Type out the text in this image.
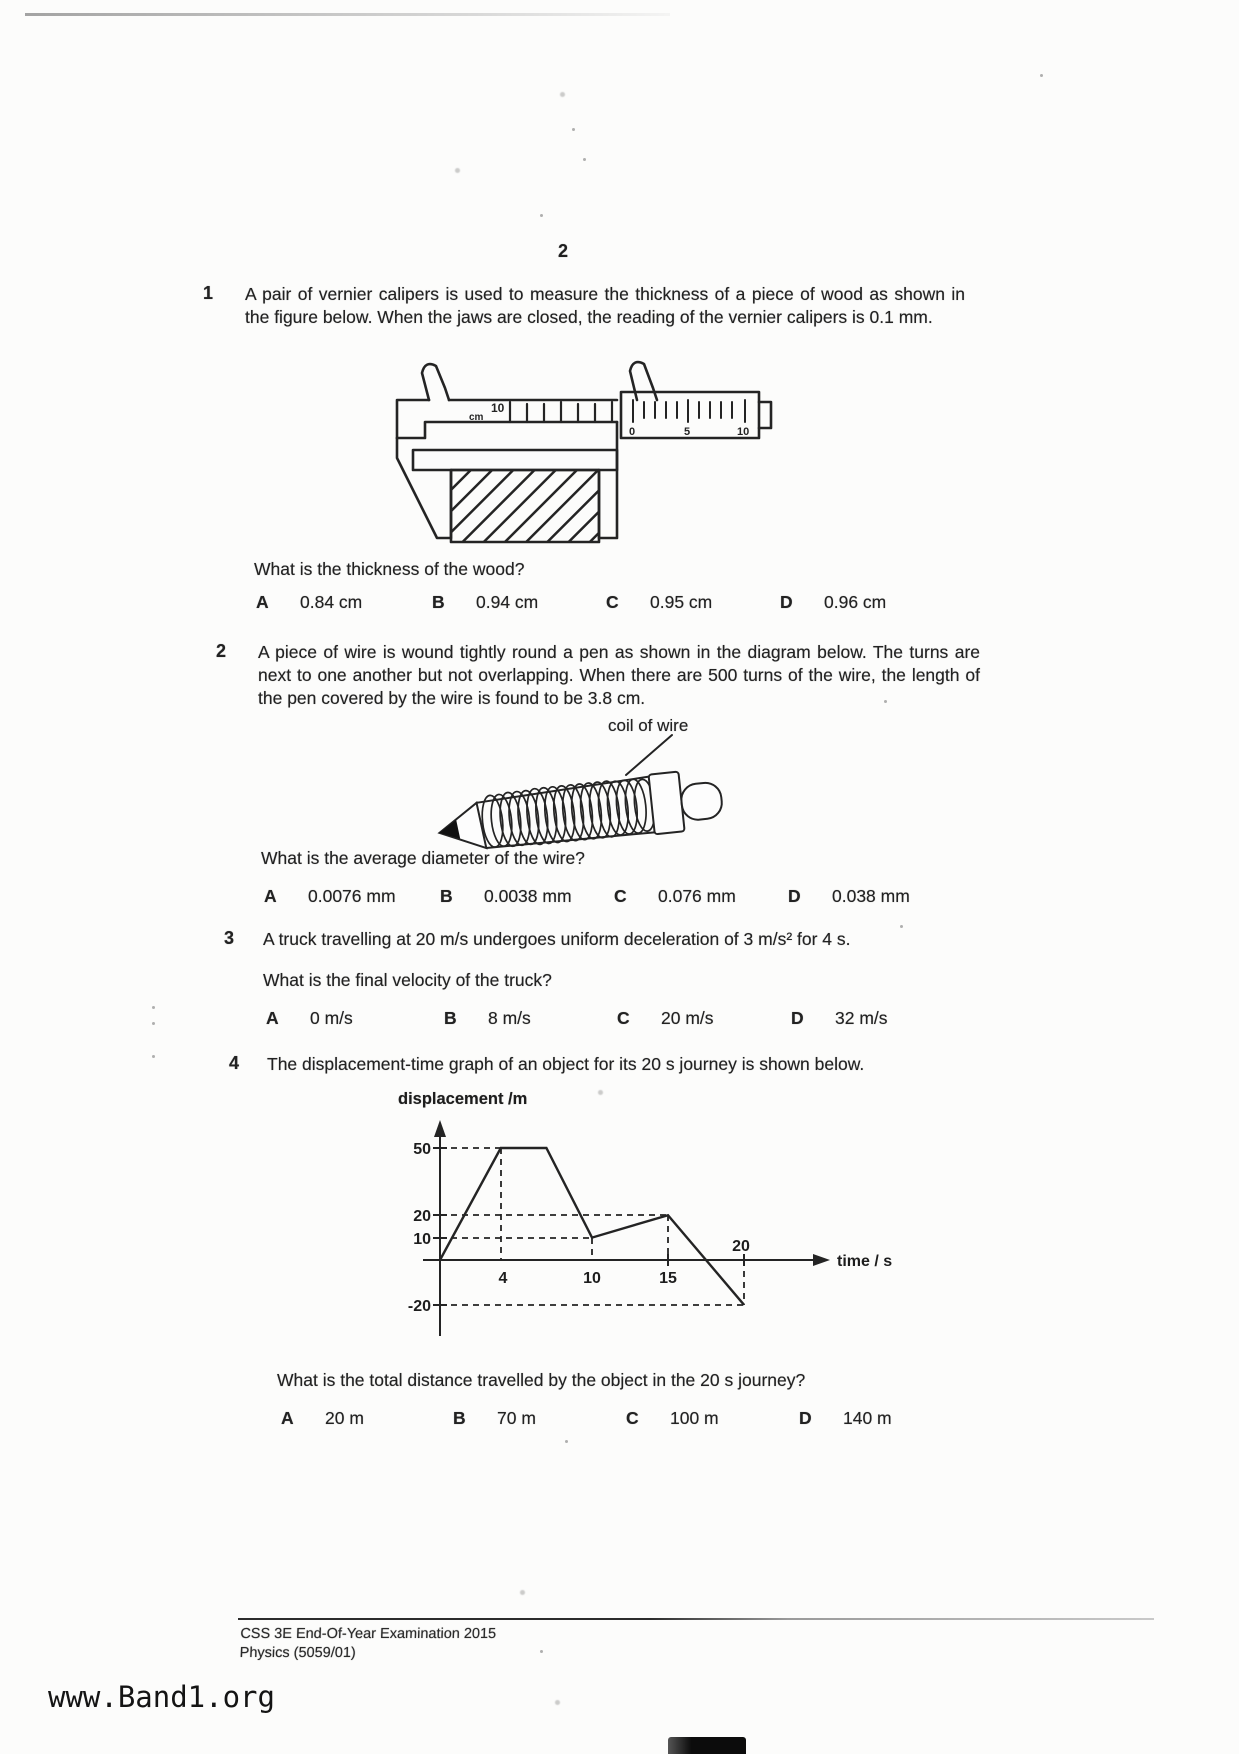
2
1 A pair of vernier calipers is used to measure the thickness of a piece of wood as shown in the figure below. When the jaws are closed, the reading of the vernier calipers is 0.1 mm.
cm
10
0	5	10
What is the thickness of the wood?
A 0.84 cm	B 0.94 cm	C 0.95 cm	D 0.96 cm
2 A piece of wire is wound tightly round a pen as shown in the diagram below. The turns are next to one another but not overlapping. When there are 500 turns of the wire, the length of the pen covered by the wire is found to be 3.8 cm.
coil of wire
What is the average diameter of the wire?
A 0.0076 mm	B 0.0038 mm C 0.076 mm	D 0.038 mm
3 A truck travelling at 20 m/s undergoes uniform deceleration of 3 m/s² for 4 s.
What is the final velocity of the truck?
A 0 m/s	B 8 m/s	C 20 m/s	D 32 m/s
4 The displacement-time graph of an object for its 20 s journey is shown below.
displacement /m
50
20
10
-20
4	10	15
20
time / s
What is the total distance travelled by the object in the 20 s journey?
A 20 m	B 70 m	C 100 m	D 140 m
CSS 3E End-Of-Year Examination 2015
Physics (5059/01)
www.Band1.org
